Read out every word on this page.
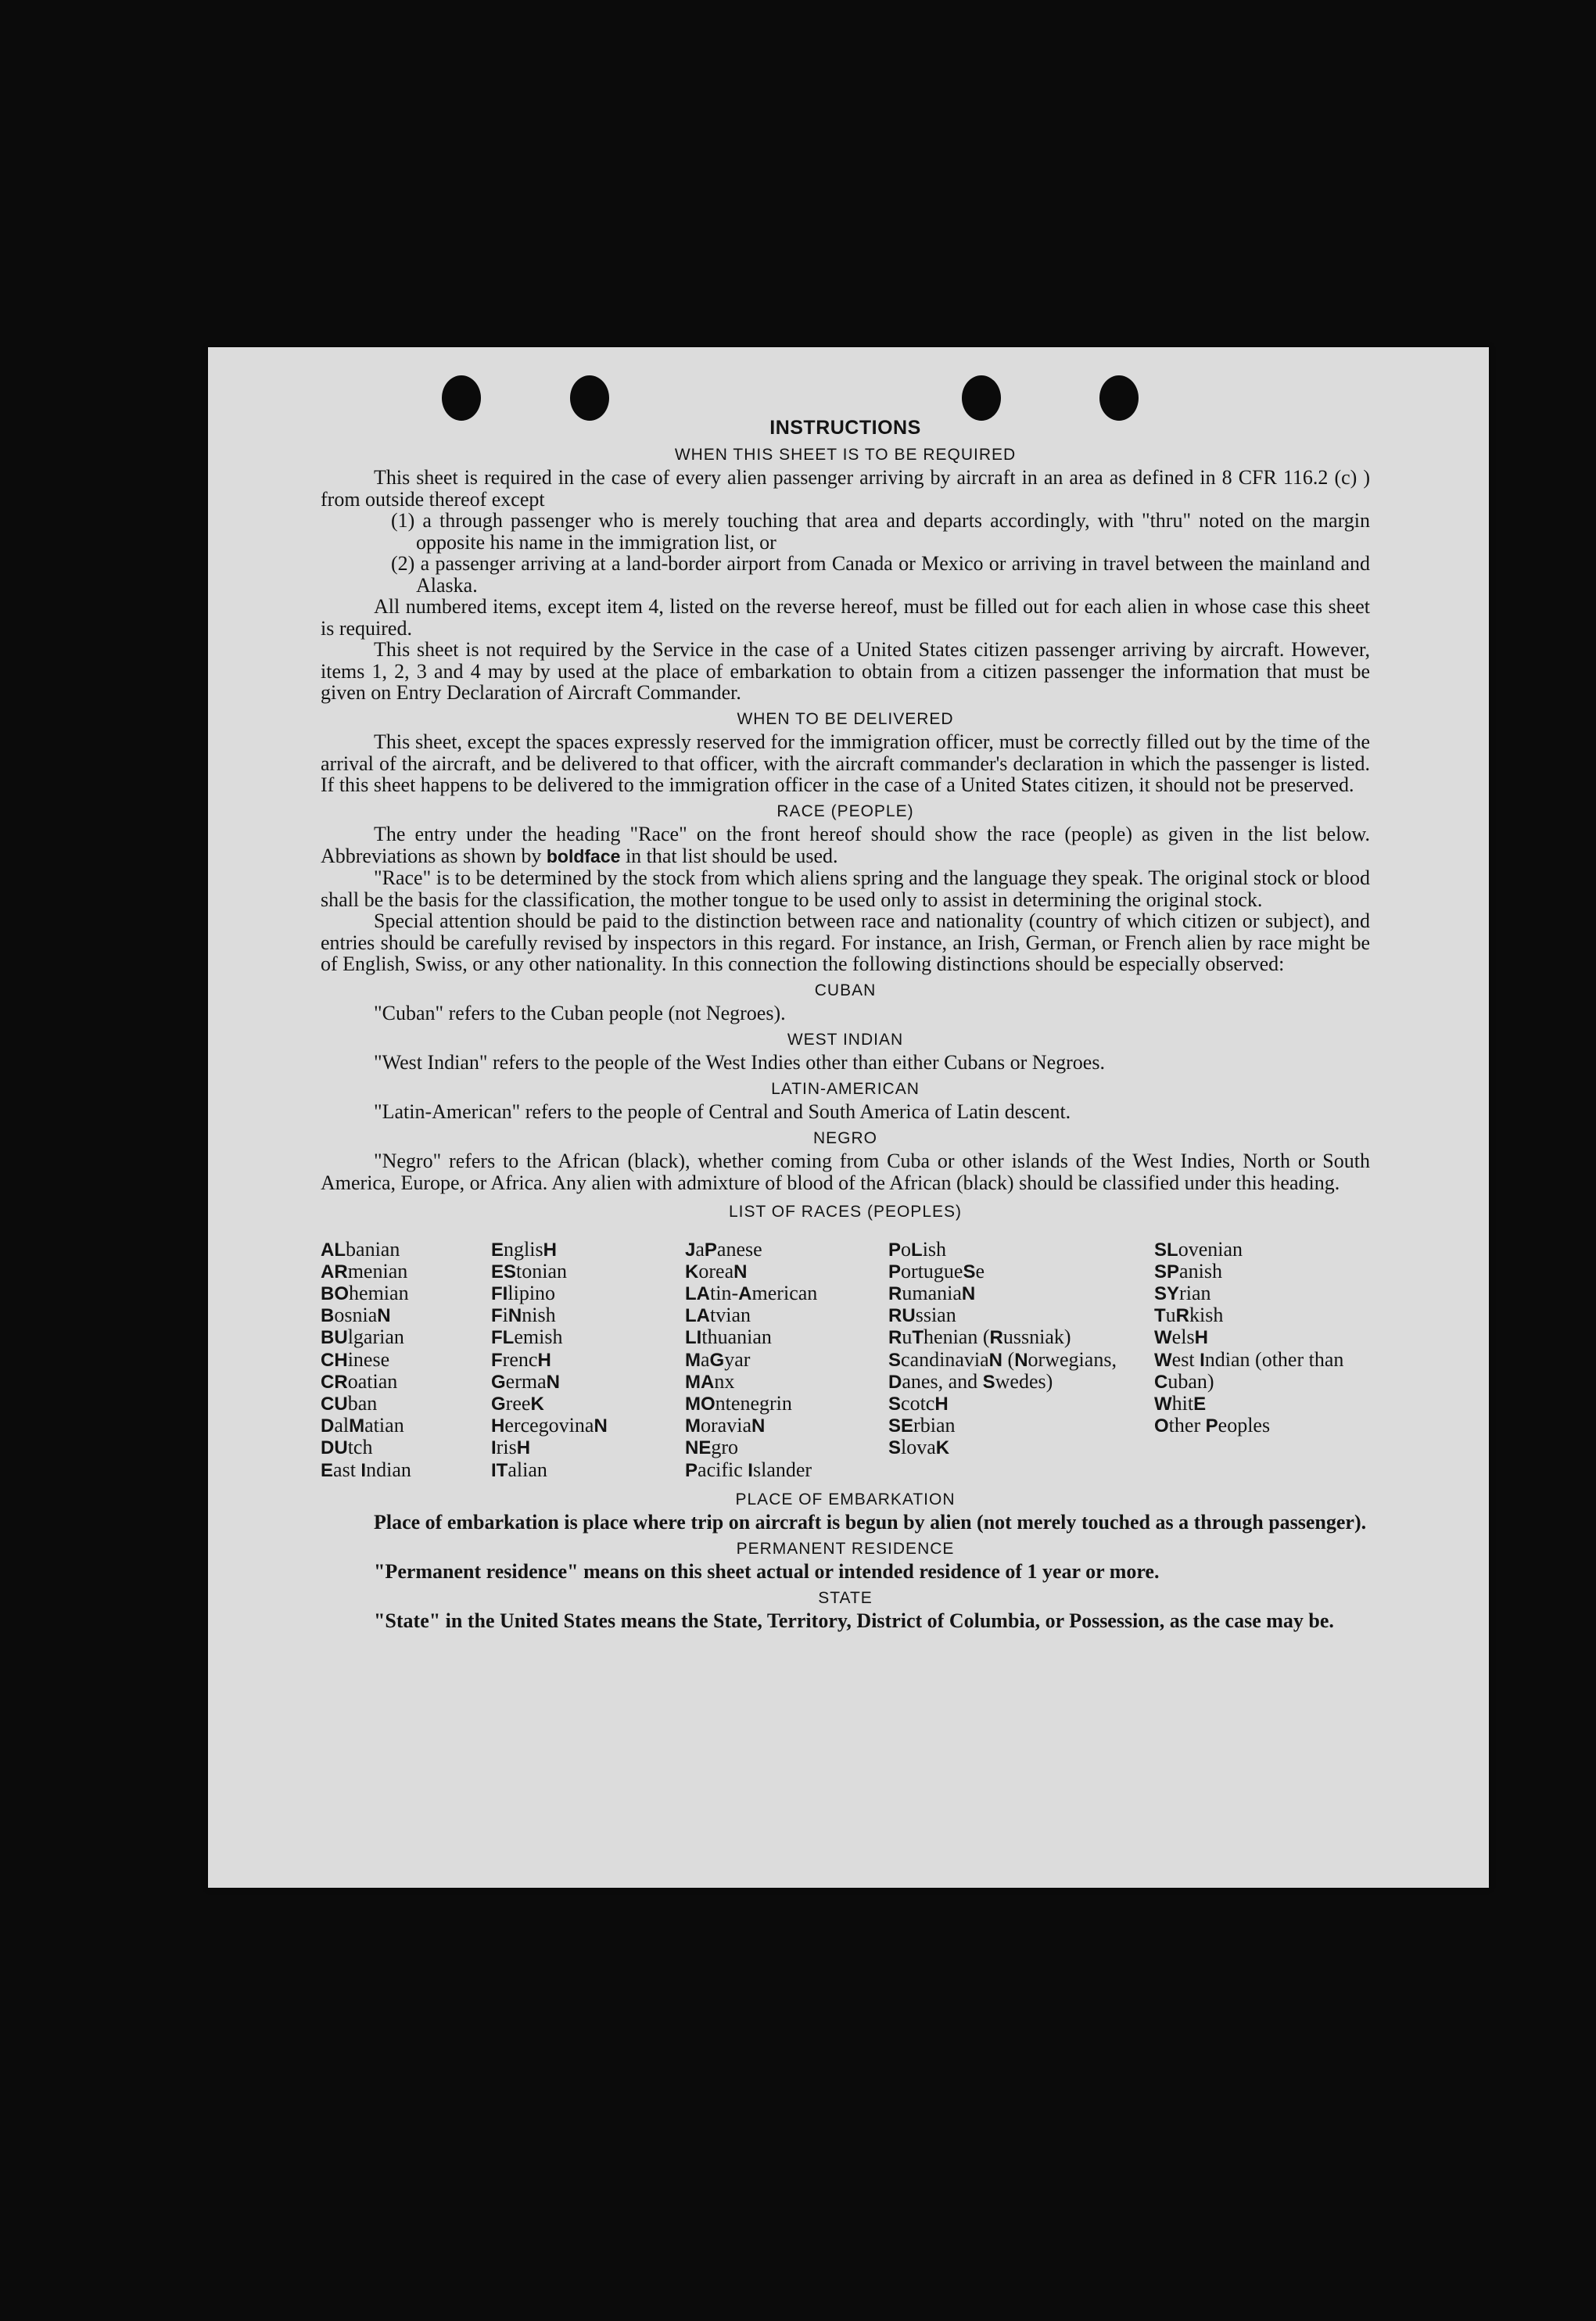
INSTRUCTIONS
WHEN THIS SHEET IS TO BE REQUIRED

This sheet is required in the case of every alien passenger arriving by aircraft in an area as defined in 8 CFR 116.2 (c) ) from outside thereof except

(1) a through passenger who is merely touching that area and departs accordingly, with "thru" noted on the margin opposite his name in the immigration list, or

(2) a passenger arriving at a land-border airport from Canada or Mexico or arriving in travel between the mainland and Alaska.

All numbered items, except item 4, listed on the reverse hereof, must be filled out for each alien in whose case this sheet is required.

This sheet is not required by the Service in the case of a United States citizen passenger arriving by aircraft. However, items 1, 2, 3 and 4 may by used at the place of embarkation to obtain from a citizen passenger the information that must be given on Entry Declaration of Aircraft Commander.

WHEN TO BE DELIVERED

This sheet, except the spaces expressly reserved for the immigration officer, must be correctly filled out by the time of the arrival of the aircraft, and be delivered to that officer, with the aircraft commander's declaration in which the passenger is listed. If this sheet happens to be delivered to the immigration officer in the case of a United States citizen, it should not be preserved.

RACE (PEOPLE)

The entry under the heading "Race" on the front hereof should show the race (people) as given in the list below. Abbreviations as shown by boldface in that list should be used.

"Race" is to be determined by the stock from which aliens spring and the language they speak. The original stock or blood shall be the basis for the classification, the mother tongue to be used only to assist in determining the original stock.

Special attention should be paid to the distinction between race and nationality (country of which citizen or subject), and entries should be carefully revised by inspectors in this regard. For instance, an Irish, German, or French alien by race might be of English, Swiss, or any other nationality. In this connection the following distinctions should be especially observed:

CUBAN

"Cuban" refers to the Cuban people (not Negroes).

WEST INDIAN

"West Indian" refers to the people of the West Indies other than either Cubans or Negroes.

LATIN-AMERICAN

"Latin-American" refers to the people of Central and South America of Latin descent.

NEGRO

"Negro" refers to the African (black), whether coming from Cuba or other islands of the West Indies, North or South America, Europe, or Africa. Any alien with admixture of blood of the African (black) should be classified under this heading.

LIST OF RACES (PEOPLES)
ALbanian
ARmenian
BOhemian
BosniaN
BUlgarian
CHinese
CRoatian
CUban
DalMatian
DUtch
East Indian
EnglisH
EStonian
FIlipino
FiNnish
FLemish
FrencH
GermaN
GreeK
HercegovinaN
IrisH
ITalian
JaPanese
KoreaN
LAtin-American
LAtvian
LIthuanian
MaGyar
MAnx
MOntenegrin
MoraviaN
NEgro
Pacific Islander
PoLish
PortugueSe
RumaniaN
RUssian
RuThenian (Russniak)
ScandinaviaN (Norwegians, Danes, and Swedes)
ScotcH
SErbian
SlovaK
SLovenian
SPanish
SYrian
TuRkish
WelsH
West Indian (other than Cuban)
WhitE
Other Peoples
PLACE OF EMBARKATION

Place of embarkation is place where trip on aircraft is begun by alien (not merely touched as a through passenger).

PERMANENT RESIDENCE

"Permanent residence" means on this sheet actual or intended residence of 1 year or more.

STATE

"State" in the United States means the State, Territory, District of Columbia, or Possession, as the case may be.
